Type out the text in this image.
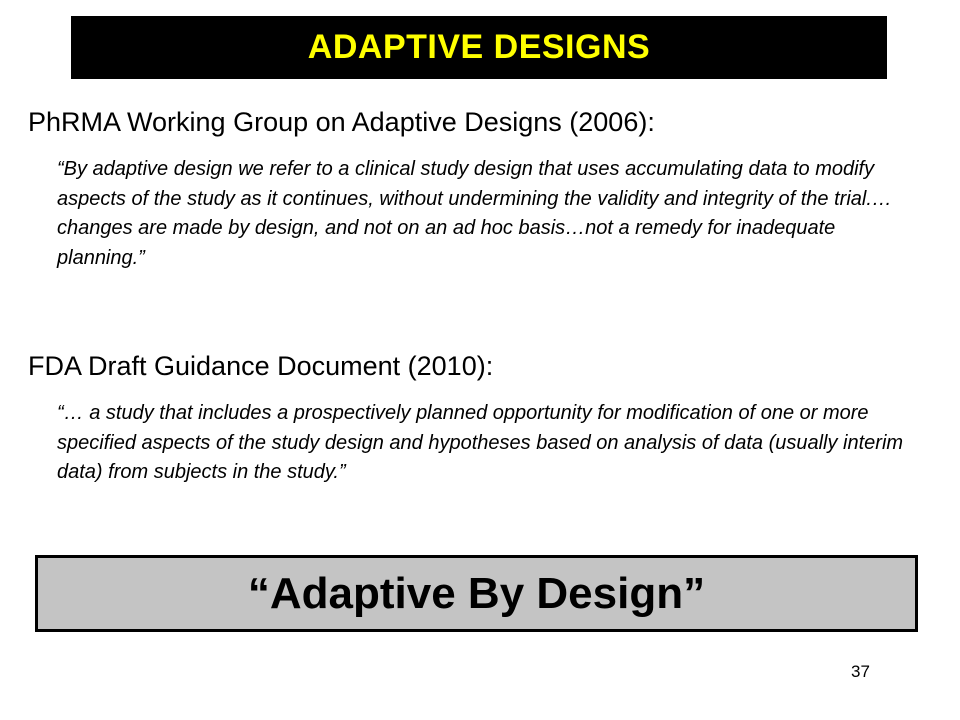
ADAPTIVE DESIGNS
PhRMA Working Group on Adaptive Designs (2006):
“By adaptive design we refer to a clinical study design that uses accumulating data to modify aspects of the study as it continues, without undermining the validity and integrity of the trial.…changes are made by design, and not on an ad hoc basis…not a remedy for inadequate planning.”
FDA Draft Guidance Document (2010):
“… a study that includes a prospectively planned opportunity for modification of one or more specified aspects of the study design and hypotheses based on analysis of data (usually interim data) from subjects in the study.”
“Adaptive By Design”
37
